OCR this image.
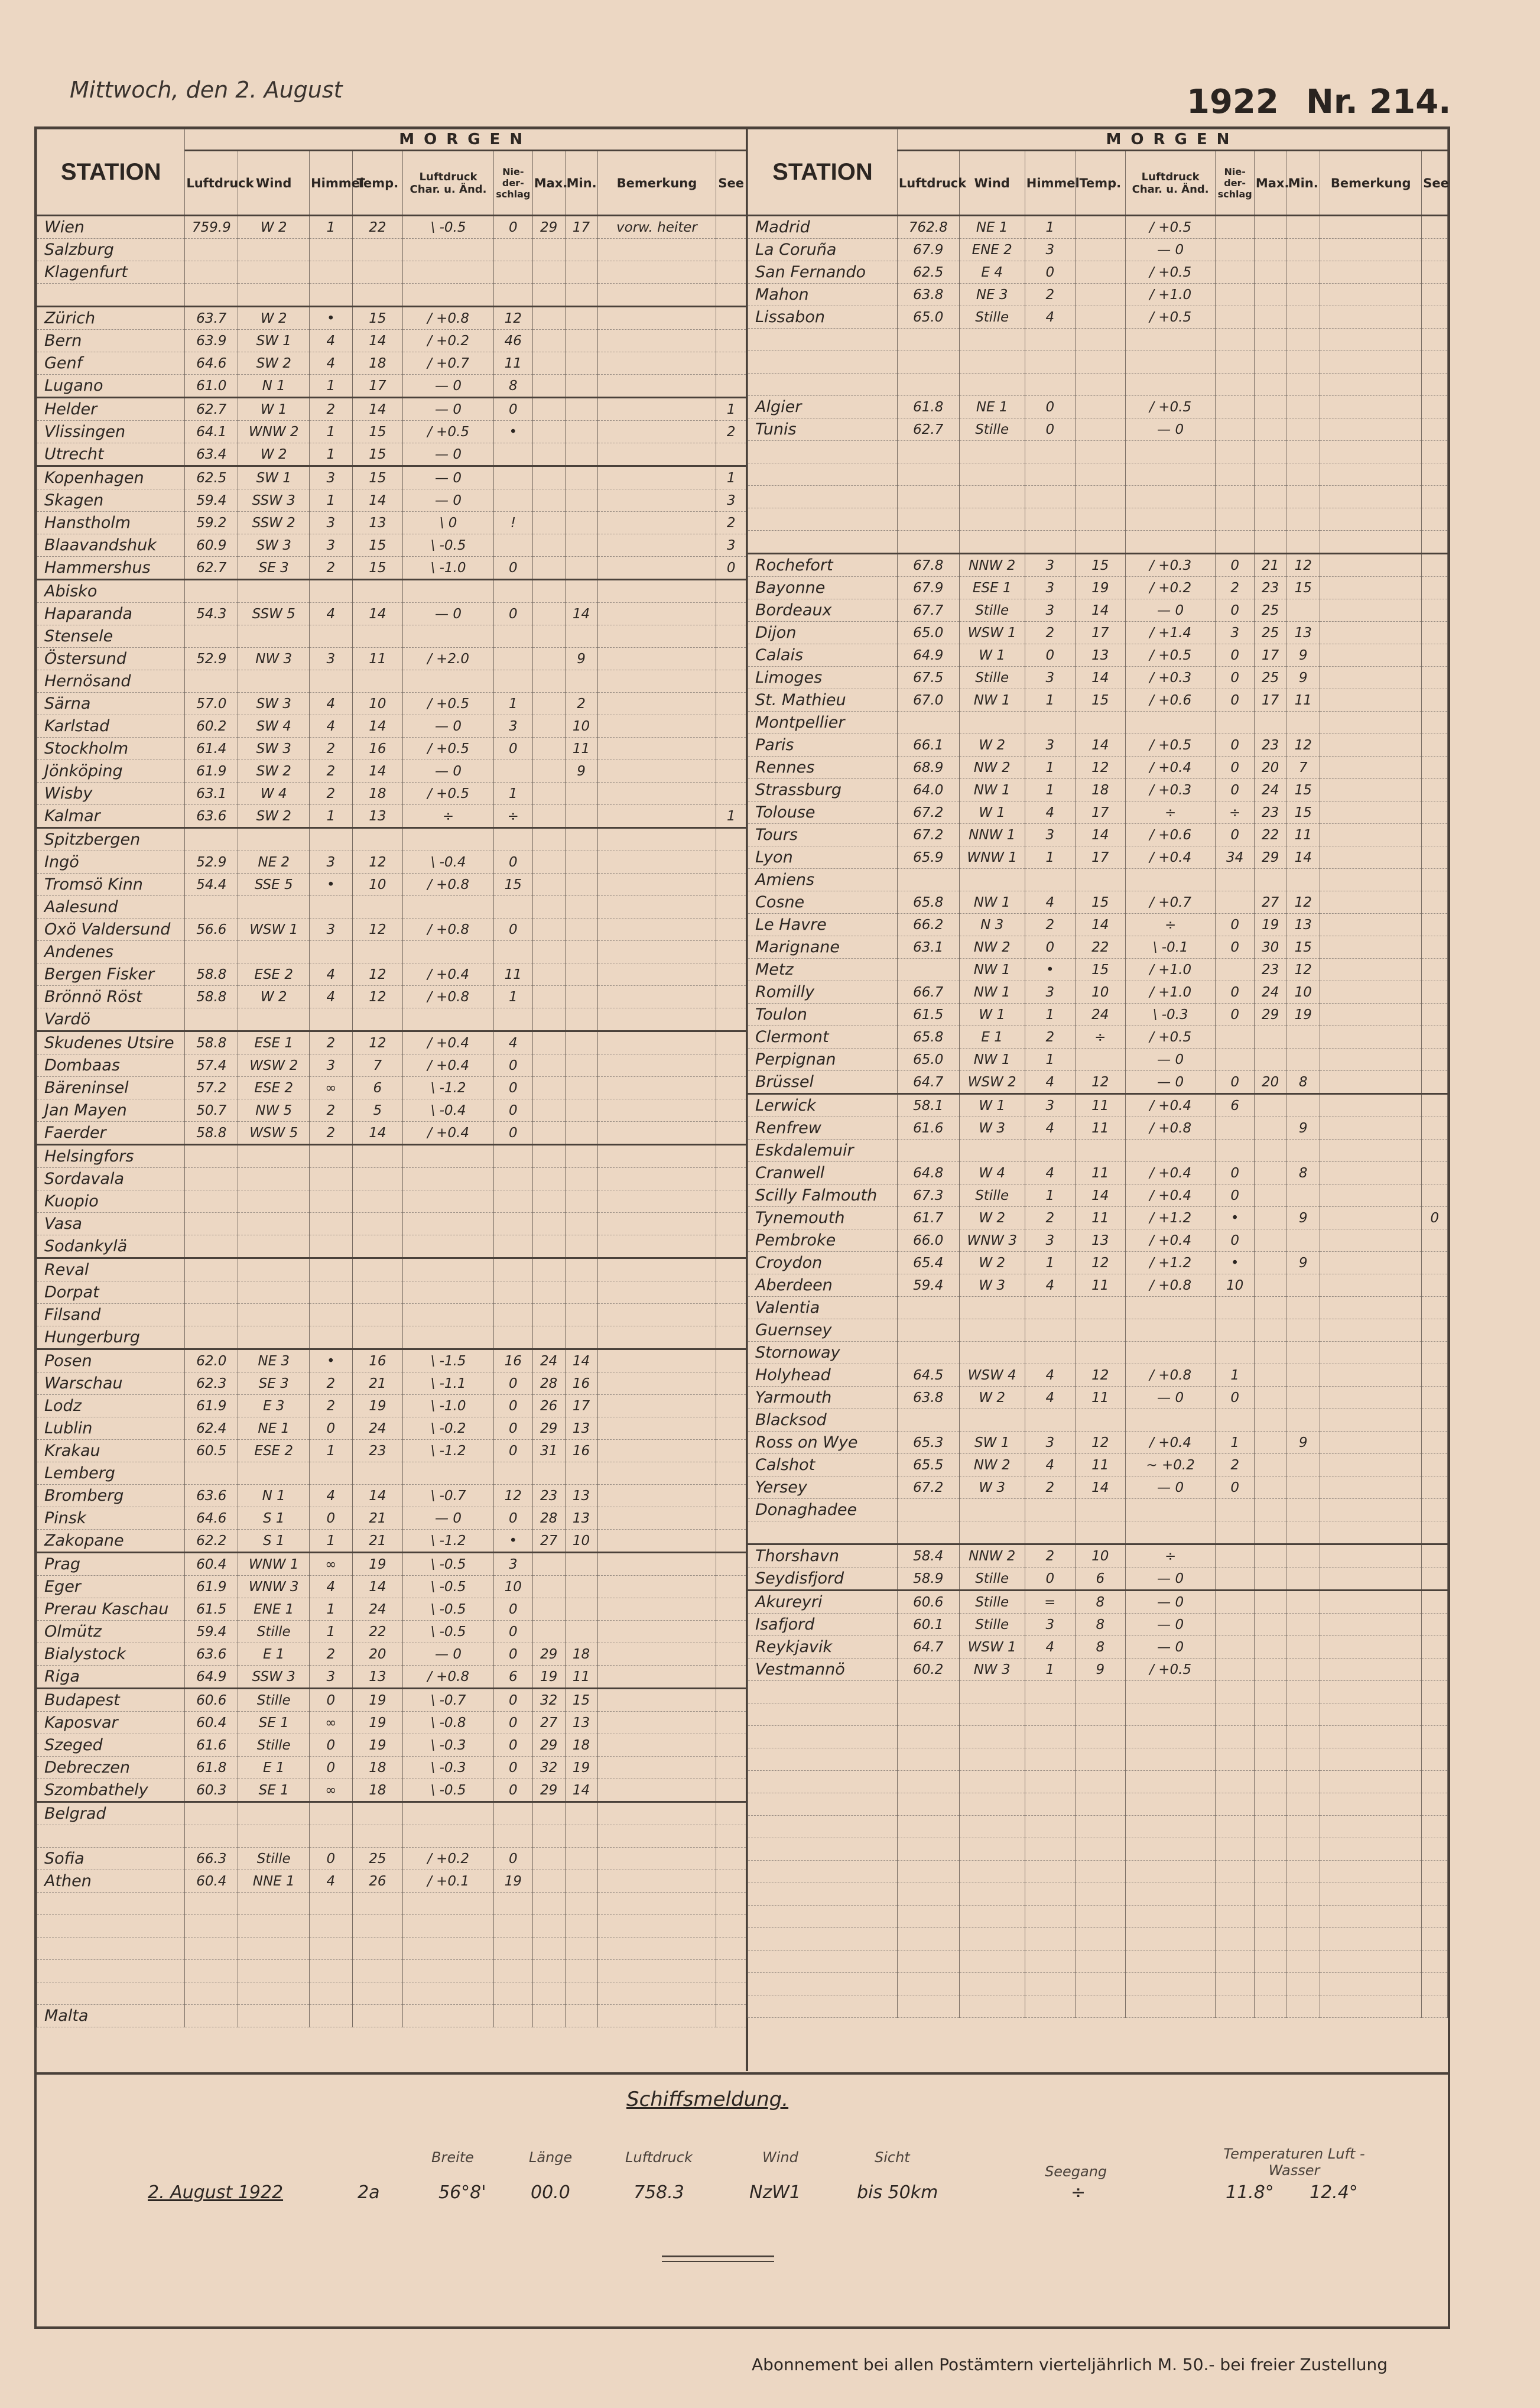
Mittwoch, den 2. August	1922 Nr. 214.
STATION	MORGEN									
	Luftdruck	Wind	Himmel	Temp.	Luftdruck Char. u. Änd.	Nie-der-schlag	Max.	Min.	Bemerkung	See
Wien	759.9	W 2	1	22	\ -0.5	0	29	17	vorw. heiter	
Salzburg										
Klagenfurt										

Zürich	63.7	W 2	•	15	/ +0.8	12				
Bern	63.9	SW 1	4	14	/ +0.2	46				
Genf	64.6	SW 2	4	18	/ +0.7	11				
Lugano	61.0	N 1	1	17	— 0	8				
Helder	62.7	W 1	2	14	— 0	0				1
Vlissingen	64.1	WNW 2	1	15	/ +0.5	•				2
Utrecht	63.4	W 2	1	15	— 0					
Kopenhagen	62.5	SW 1	3	15	— 0					1
Skagen	59.4	SSW 3	1	14	— 0					3
Hanstholm	59.2	SSW 2	3	13	\ 0	!				2
Blaavandshuk	60.9	SW 3	3	15	\ -0.5					3
Hammershus	62.7	SE 3	2	15	\ -1.0	0				0
Abisko										
Haparanda	54.3	SSW 5	4	14	— 0	0		14		
Stensele										
Östersund	52.9	NW 3	3	11	/ +2.0			9		
Hernösand										
Särna	57.0	SW 3	4	10	/ +0.5	1		2		
Karlstad	60.2	SW 4	4	14	— 0	3		10		
Stockholm	61.4	SW 3	2	16	/ +0.5	0		11		
Jönköping	61.9	SW 2	2	14	— 0			9		
Wisby	63.1	W 4	2	18	/ +0.5	1				
Kalmar	63.6	SW 2	1	13	÷	÷				1
Spitzbergen										
Ingö	52.9	NE 2	3	12	\ -0.4	0				
Tromsö Kinn	54.4	SSE 5	•	10	/ +0.8	15				
Aalesund										
Oxö Valdersund	56.6	WSW 1	3	12	/ +0.8	0				
Andenes										
Bergen Fisker	58.8	ESE 2	4	12	/ +0.4	11				
Brönnö Röst	58.8	W 2	4	12	/ +0.8	1				
Vardö										
Skudenes Utsire	58.8	ESE 1	2	12	/ +0.4	4				
Dombaas	57.4	WSW 2	3	7	/ +0.4	0				
Bäreninsel	57.2	ESE 2	∞	6	\ -1.2	0				
Jan Mayen	50.7	NW 5	2	5	\ -0.4	0				
Faerder	58.8	WSW 5	2	14	/ +0.4	0				
Helsingfors										
Sordavala										
Kuopio										
Vasa										
Sodankylä										
Reval										
Dorpat										
Filsand										
Hungerburg										
Posen	62.0	NE 3	•	16	\ -1.5	16	24	14		
Warschau	62.3	SE 3	2	21	\ -1.1	0	28	16		
Lodz	61.9	E 3	2	19	\ -1.0	0	26	17		
Lublin	62.4	NE 1	0	24	\ -0.2	0	29	13		
Krakau	60.5	ESE 2	1	23	\ -1.2	0	31	16		
Lemberg										
Bromberg	63.6	N 1	4	14	\ -0.7	12	23	13		
Pinsk	64.6	S 1	0	21	— 0	0	28	13		
Zakopane	62.2	S 1	1	21	\ -1.2	•	27	10		
Prag	60.4	WNW 1	∞	19	\ -0.5	3				
Eger	61.9	WNW 3	4	14	\ -0.5	10				
Prerau Kaschau	61.5	ENE 1	1	24	\ -0.5	0				
Olmütz	59.4	Stille	1	22	\ -0.5	0				
Bialystock	63.6	E 1	2	20	— 0	0	29	18		
Riga	64.9	SSW 3	3	13	/ +0.8	6	19	11		
Budapest	60.6	Stille	0	19	\ -0.7	0	32	15		
Kaposvar	60.4	SE 1	∞	19	\ -0.8	0	27	13		
Szeged	61.6	Stille	0	19	\ -0.3	0	29	18		
Debreczen	61.8	E 1	0	18	\ -0.3	0	32	19		
Szombathely	60.3	SE 1	∞	18	\ -0.5	0	29	14		
Belgrad										

Sofia	66.3	Stille	0	25	/ +0.2	0				
Athen	60.4	NNE 1	4	26	/ +0.1	19				

Malta										
STATION	MORGEN									
	Luftdruck	Wind	Himmel	Temp.	Luftdruck Char. u. Änd.	Nie-der-schlag	Max.	Min.	Bemerkung	See
Madrid	762.8	NE 1	1		/ +0.5					
La Coruña	67.9	ENE 2	3		— 0					
San Fernando	62.5	E 4	0		/ +0.5					
Mahon	63.8	NE 3	2		/ +1.0					
Lissabon	65.0	Stille	4		/ +0.5					

Algier	61.8	NE 1	0		/ +0.5					
Tunis	62.7	Stille	0		— 0					

Rochefort	67.8	NNW 2	3	15	/ +0.3	0	21	12		
Bayonne	67.9	ESE 1	3	19	/ +0.2	2	23	15		
Bordeaux	67.7	Stille	3	14	— 0	0	25			
Dijon	65.0	WSW 1	2	17	/ +1.4	3	25	13		
Calais	64.9	W 1	0	13	/ +0.5	0	17	9		
Limoges	67.5	Stille	3	14	/ +0.3	0	25	9		
St. Mathieu	67.0	NW 1	1	15	/ +0.6	0	17	11		
Montpellier										
Paris	66.1	W 2	3	14	/ +0.5	0	23	12		
Rennes	68.9	NW 2	1	12	/ +0.4	0	20	7		
Strassburg	64.0	NW 1	1	18	/ +0.3	0	24	15		
Tolouse	67.2	W 1	4	17	÷	÷	23	15		
Tours	67.2	NNW 1	3	14	/ +0.6	0	22	11		
Lyon	65.9	WNW 1	1	17	/ +0.4	34	29	14		
Amiens										
Cosne	65.8	NW 1	4	15	/ +0.7		27	12		
Le Havre	66.2	N 3	2	14	÷	0	19	13		
Marignane	63.1	NW 2	0	22	\ -0.1	0	30	15		
Metz		NW 1	•	15	/ +1.0		23	12		
Romilly	66.7	NW 1	3	10	/ +1.0	0	24	10		
Toulon	61.5	W 1	1	24	\ -0.3	0	29	19		
Clermont	65.8	E 1	2	÷	/ +0.5					
Perpignan	65.0	NW 1	1		— 0					
Brüssel	64.7	WSW 2	4	12	— 0	0	20	8		
Lerwick	58.1	W 1	3	11	/ +0.4	6				
Renfrew	61.6	W 3	4	11	/ +0.8			9		
Eskdalemuir										
Cranwell	64.8	W 4	4	11	/ +0.4	0		8		
Scilly Falmouth	67.3	Stille	1	14	/ +0.4	0				
Tynemouth	61.7	W 2	2	11	/ +1.2	•		9		0
Pembroke	66.0	WNW 3	3	13	/ +0.4	0				
Croydon	65.4	W 2	1	12	/ +1.2	•		9		
Aberdeen	59.4	W 3	4	11	/ +0.8	10				
Valentia										
Guernsey										
Stornoway										
Holyhead	64.5	WSW 4	4	12	/ +0.8	1				
Yarmouth	63.8	W 2	4	11	— 0	0				
Blacksod										
Ross on Wye	65.3	SW 1	3	12	/ +0.4	1		9		
Calshot	65.5	NW 2	4	11	~ +0.2	2				
Yersey	67.2	W 3	2	14	— 0	0				
Donaghadee										

Thorshavn	58.4	NNW 2	2	10	÷					
Seydisfjord	58.9	Stille	0	6	— 0					
Akureyri	60.6	Stille	=	8	— 0					
Isafjord	60.1	Stille	3	8	— 0					
Reykjavik	64.7	WSW 1	4	8	— 0					
Vestmannö	60.2	NW 3	1	9	/ +0.5					

Schiffsmeldung.
Breite	Länge	Luftdruck	Wind	Sicht
Seegang
Temperaturen Luft - Wasser
2. August 1922	2a	56°8'	00.0	758.3	NzW1	bis 50km	÷	11.8° 12.4°
Abonnement bei allen Postämtern vierteljährlich M. 50.- bei freier Zustellung
